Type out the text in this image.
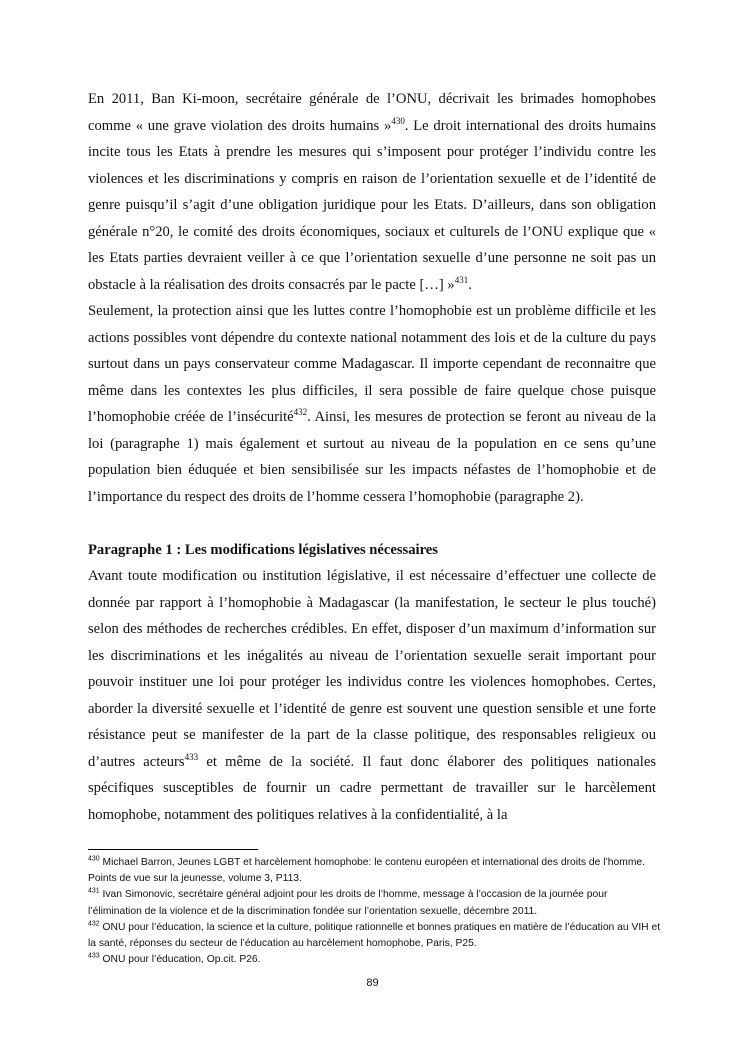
En 2011, Ban Ki-moon, secrétaire générale de l’ONU, décrivait les brimades homophobes comme « une grave violation des droits humains »$^{430}$. Le droit international des droits humains incite tous les Etats à prendre les mesures qui s’imposent pour protéger l’individu contre les violences et les discriminations y compris en raison de l’orientation sexuelle et de l’identité de genre puisqu’il s’agit d’une obligation juridique pour les Etats. D’ailleurs, dans son obligation générale n°20, le comité des droits économiques, sociaux et culturels de l’ONU explique que « les Etats parties devraient veiller à ce que l’orientation sexuelle d’une personne ne soit pas un obstacle à la réalisation des droits consacrés par le pacte […] »$^{431}$.

Seulement, la protection ainsi que les luttes contre l’homophobie est un problème difficile et les actions possibles vont dépendre du contexte national notamment des lois et de la culture du pays surtout dans un pays conservateur comme Madagascar. Il importe cependant de reconnaitre que même dans les contextes les plus difficiles, il sera possible de faire quelque chose puisque l’homophobie créée de l’insécurité$^{432}$. Ainsi, les mesures de protection se feront au niveau de la loi (paragraphe 1) mais également et surtout au niveau de la population en ce sens qu’une population bien éduquée et bien sensibilisée sur les impacts néfastes de l’homophobie et de l’importance du respect des droits de l’homme cessera l’homophobie (paragraphe 2).

Paragraphe 1 : Les modifications législatives nécessaires

Avant toute modification ou institution législative, il est nécessaire d’effectuer une collecte de donnée par rapport à l’homophobie à Madagascar (la manifestation, le secteur le plus touché) selon des méthodes de recherches crédibles. En effet, disposer d’un maximum d’information sur les discriminations et les inégalités au niveau de l’orientation sexuelle serait important pour pouvoir instituer une loi pour protéger les individus contre les violences homophobes. Certes, aborder la diversité sexuelle et l’identité de genre est souvent une question sensible et une forte résistance peut se manifester de la part de la classe politique, des responsables religieux ou d’autres acteurs$^{433}$ et même de la société. Il faut donc élaborer des politiques nationales spécifiques susceptibles de fournir un cadre permettant de travailler sur le harcèlement homophobe, notamment des politiques relatives à la confidentialité, à la

$^{430}$ Michael Barron, Jeunes LGBT et harcèlement homophobe: le contenu européen et international des droits de l’homme. Points de vue sur la jeunesse, volume 3, P113.

$^{431}$ Ivan Simonovic, secrétaire général adjoint pour les droits de l’homme, message à l’occasion de la journée pour l’élimination de la violence et de la discrimination fondée sur l’orientation sexuelle, décembre 2011.

$^{432}$ ONU pour l’éducation, la science et la culture, politique rationnelle et bonnes pratiques en matière de l’éducation au VIH et la santé, réponses du secteur de l’éducation au harcèlement homophobe, Paris, P25.

$^{433}$ ONU pour l’éducation, Op.cit. P26.

89
